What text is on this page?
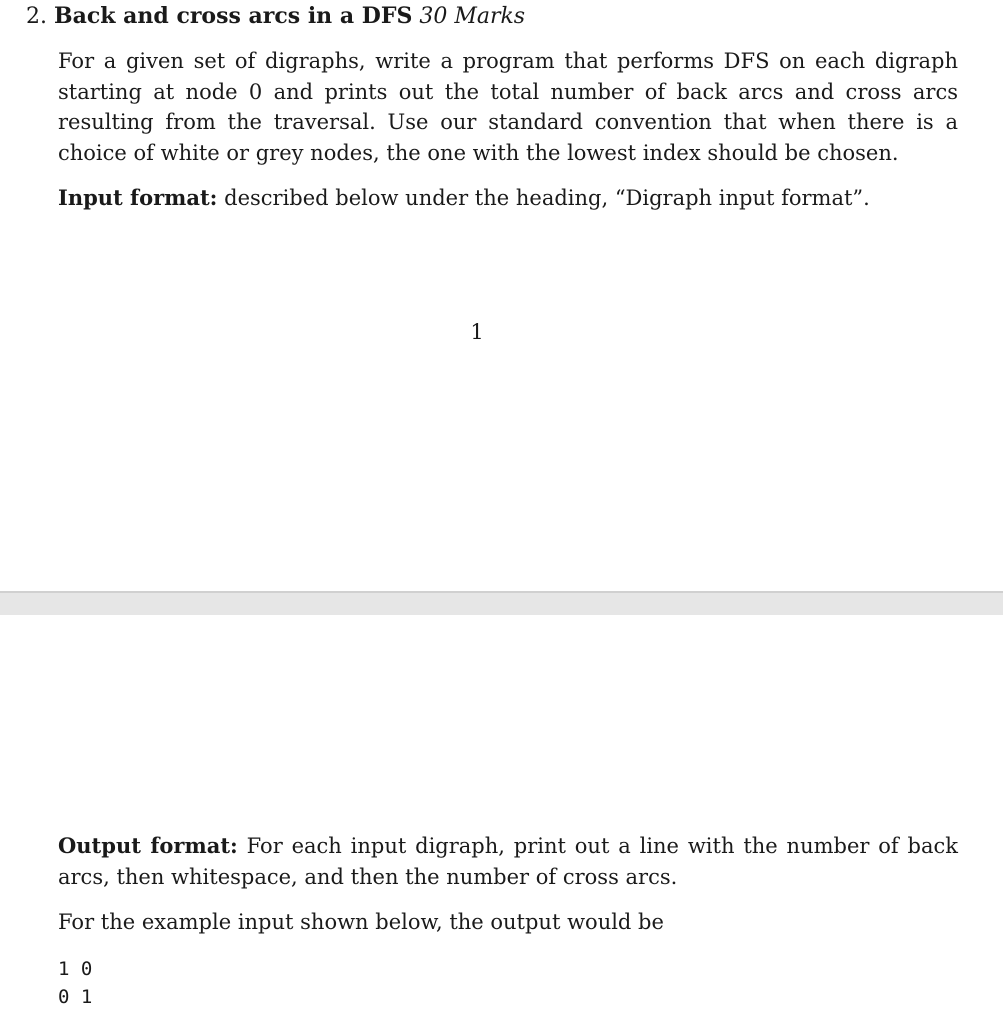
2. Back and cross arcs in a DFS 30 Marks

For a given set of digraphs, write a program that performs DFS on each digraph starting at node 0 and prints out the total number of back arcs and cross arcs resulting from the traversal. Use our standard convention that when there is a choice of white or grey nodes, the one with the lowest index should be chosen.

Input format: described below under the heading, “Digraph input format”.

1

Output format: For each input digraph, print out a line with the number of back arcs, then whitespace, and then the number of cross arcs.

For the example input shown below, the output would be

1 0
0 1
